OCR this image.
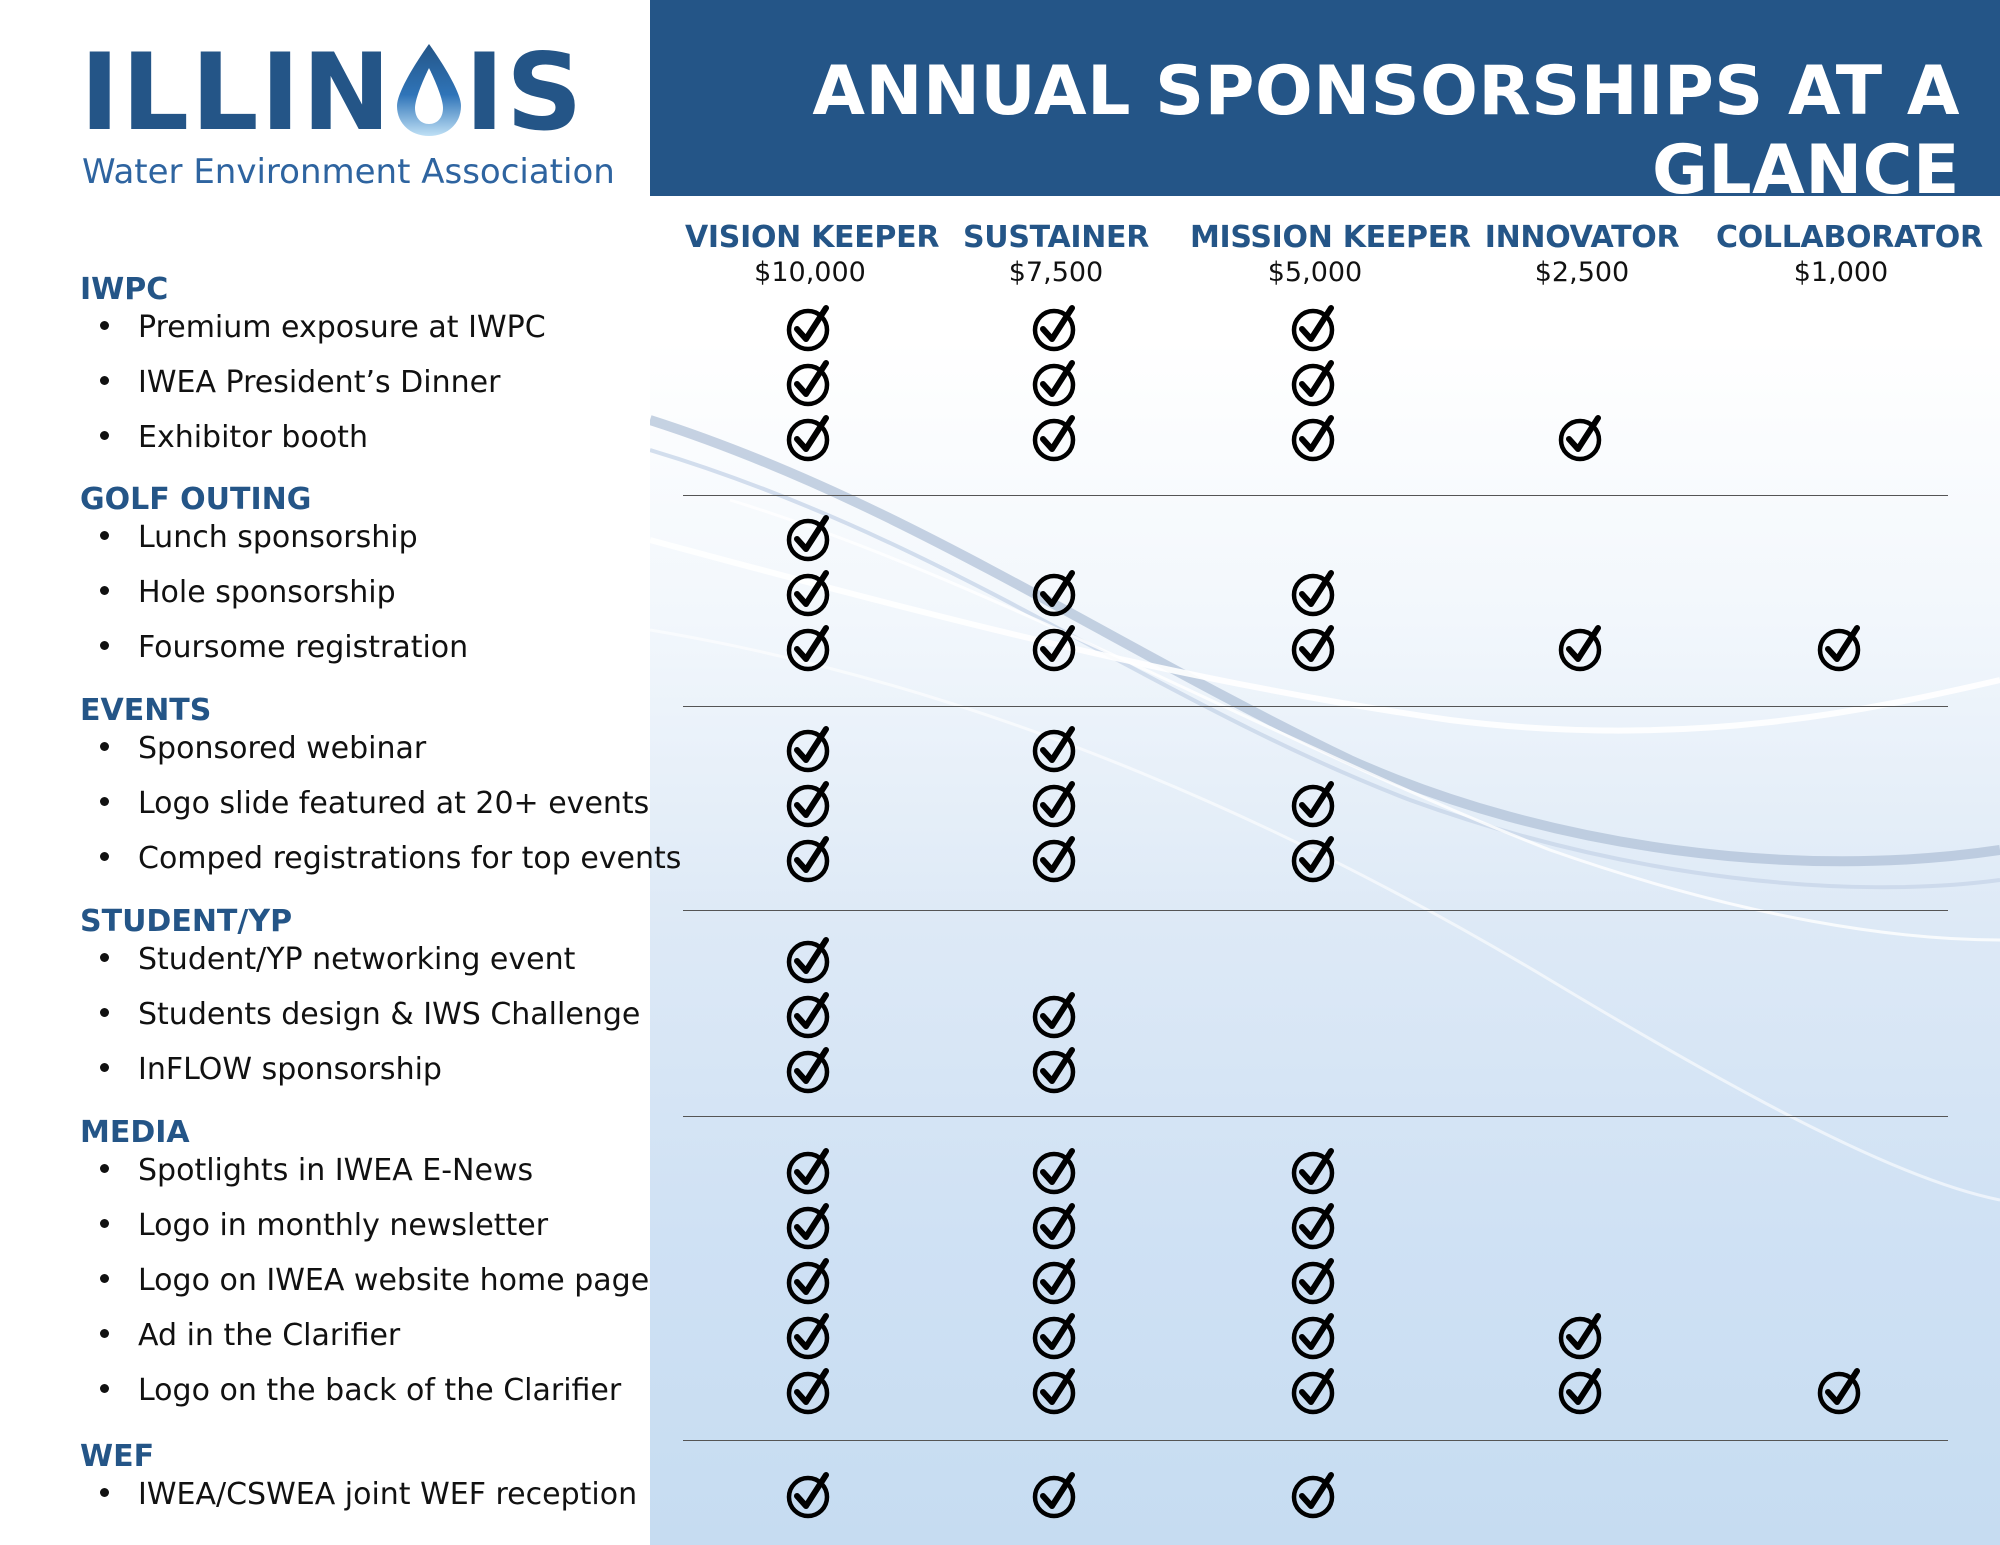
ANNUAL SPONSORSHIPS AT A GLANCE
ILLIN IS
Water Environment Association
VISION KEEPER
$10,000
SUSTAINER
$7,500
MISSION KEEPER
$5,000
INNOVATOR
$2,500
COLLABORATOR
$1,000
IWPC
Premium exposure at IWPC
IWEA President’s Dinner
Exhibitor booth
GOLF OUTING
Lunch sponsorship
Hole sponsorship
Foursome registration
EVENTS
Sponsored webinar
Logo slide featured at 20+ events
Comped registrations for top events
STUDENT/YP
Student/YP networking event
Students design & IWS Challenge
InFLOW sponsorship
MEDIA
Spotlights in IWEA E-News
Logo in monthly newsletter
Logo on IWEA website home page
Ad in the Clarifier
Logo on the back of the Clarifier
WEF
IWEA/CSWEA joint WEF reception
